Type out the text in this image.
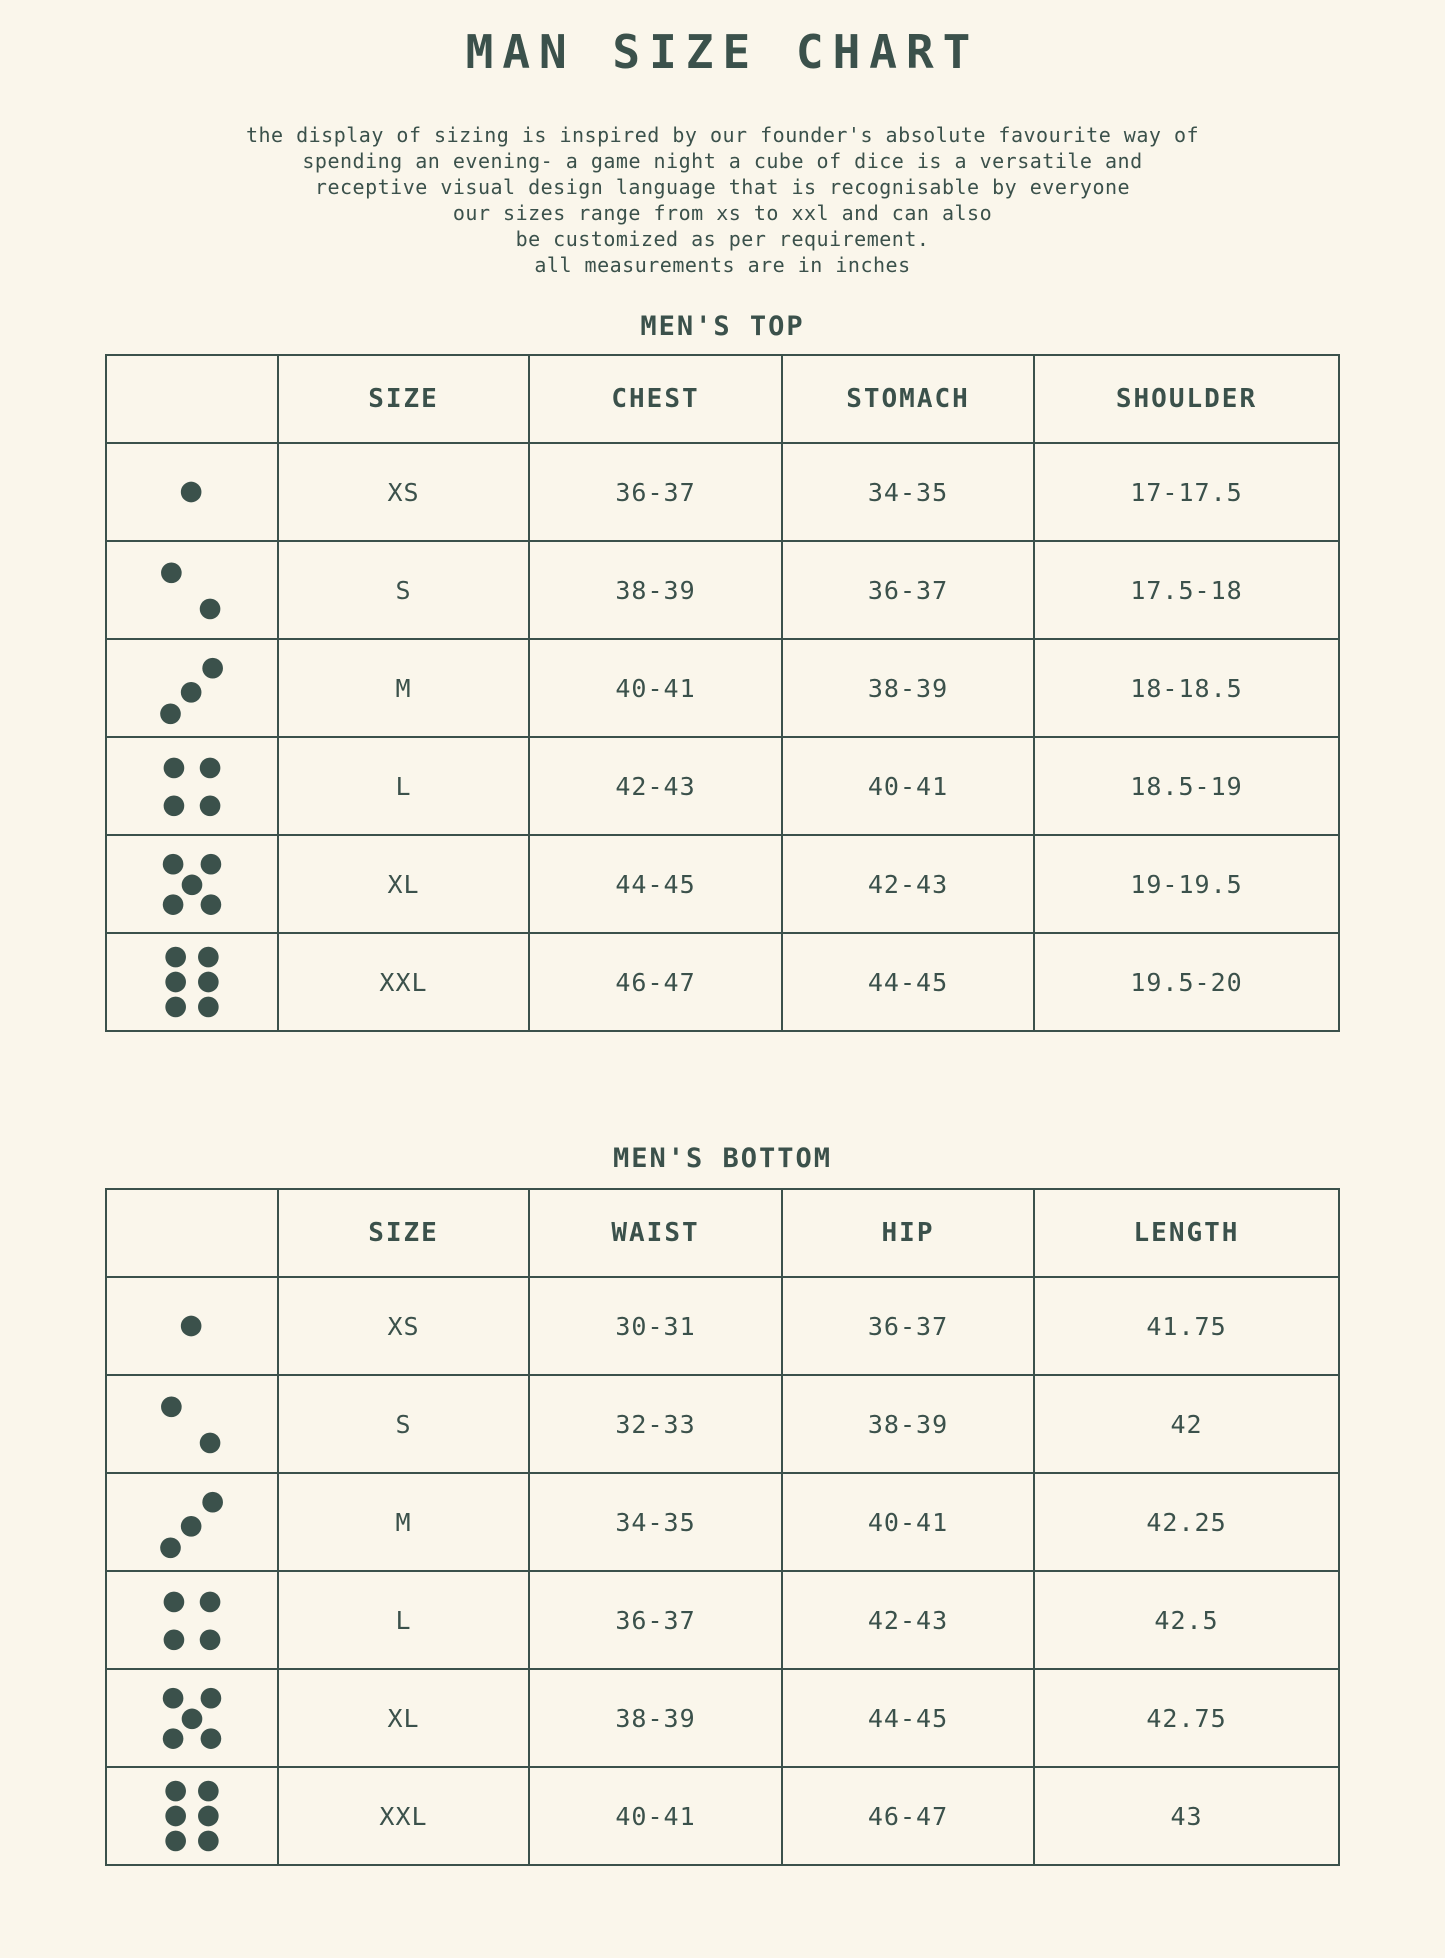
MAN SIZE CHART
the display of sizing is inspired by our founder's absolute favourite way of
spending an evening- a game night a cube of dice is a versatile and
receptive visual design language that is recognisable by everyone
our sizes range from xs to xxl and can also
be customized as per requirement.
all measurements are in inches
MEN'S TOP
	SIZE	CHEST	STOMACH	SHOULDER

	XS	36-37	34-35	17-17.5

	S	38-39	36-37	17.5-18

	M	40-41	38-39	18-18.5

	L	42-43	40-41	18.5-19

	XL	44-45	42-43	19-19.5

	XXL	46-47	44-45	19.5-20
MEN'S BOTTOM
	SIZE	WAIST	HIP	LENGTH

	XS	30-31	36-37	41.75

	S	32-33	38-39	42

	M	34-35	40-41	42.25

	L	36-37	42-43	42.5

	XL	38-39	44-45	42.75

	XXL	40-41	46-47	43
